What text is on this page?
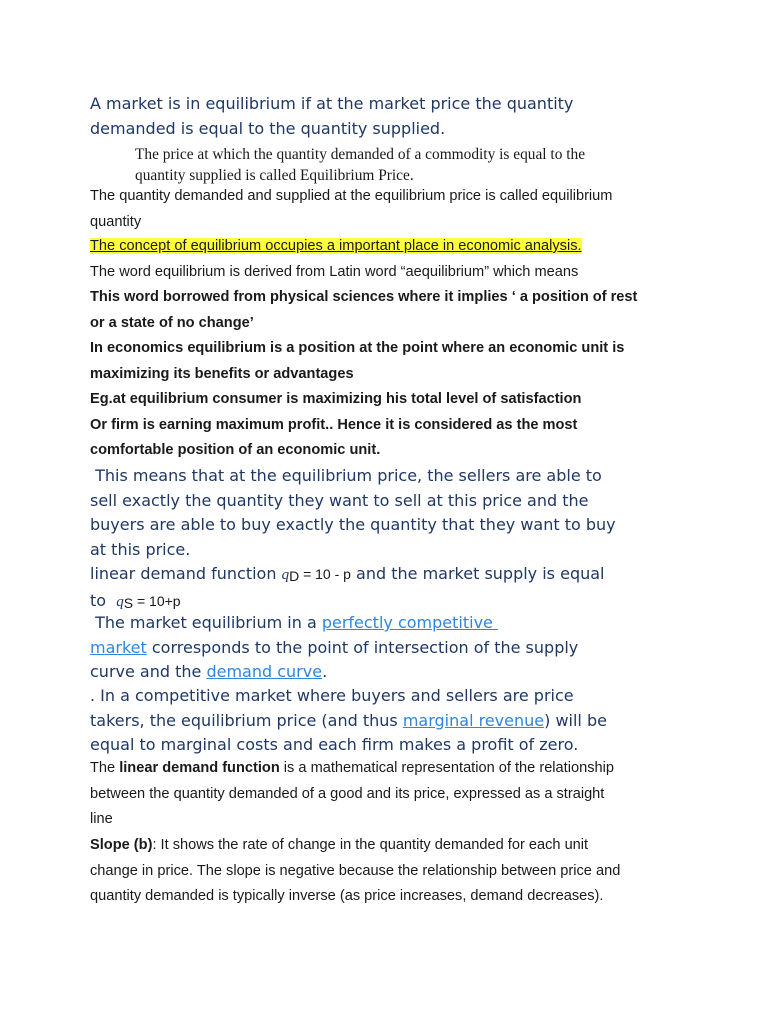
A market is in equilibrium if at the market price the quantity
demanded is equal to the quantity supplied.
The price at which the quantity demanded of a commodity is equal to the
quantity supplied is called Equilibrium Price.
The quantity demanded and supplied at the equilibrium price is called equilibrium
quantity
The concept of equilibrium occupies a important place in economic analysis.
The word equilibrium is derived from Latin word “aequilibrium” which means
This word borrowed from physical sciences where it implies ‘ a position of rest
or a state of no change’
In economics equilibrium is a position at the point where an economic unit is
maximizing its benefits or advantages
Eg.at equilibrium consumer is maximizing his total level of satisfaction
Or firm is earning maximum profit.. Hence it is considered as the most
comfortable position of an economic unit.
This means that at the equilibrium price, the sellers are able to
sell exactly the quantity they want to sell at this price and the
buyers are able to buy exactly the quantity that they want to buy
at this price.
linear demand function qD = 10 - p and the market supply is equal
to  qS = 10+p
The market equilibrium in a perfectly competitive
market corresponds to the point of intersection of the supply
curve and the demand curve.
. In a competitive market where buyers and sellers are price
takers, the equilibrium price (and thus marginal revenue) will be
equal to marginal costs and each firm makes a profit of zero.
The linear demand function is a mathematical representation of the relationship
between the quantity demanded of a good and its price, expressed as a straight
line
Slope (b): It shows the rate of change in the quantity demanded for each unit
change in price. The slope is negative because the relationship between price and
quantity demanded is typically inverse (as price increases, demand decreases).
